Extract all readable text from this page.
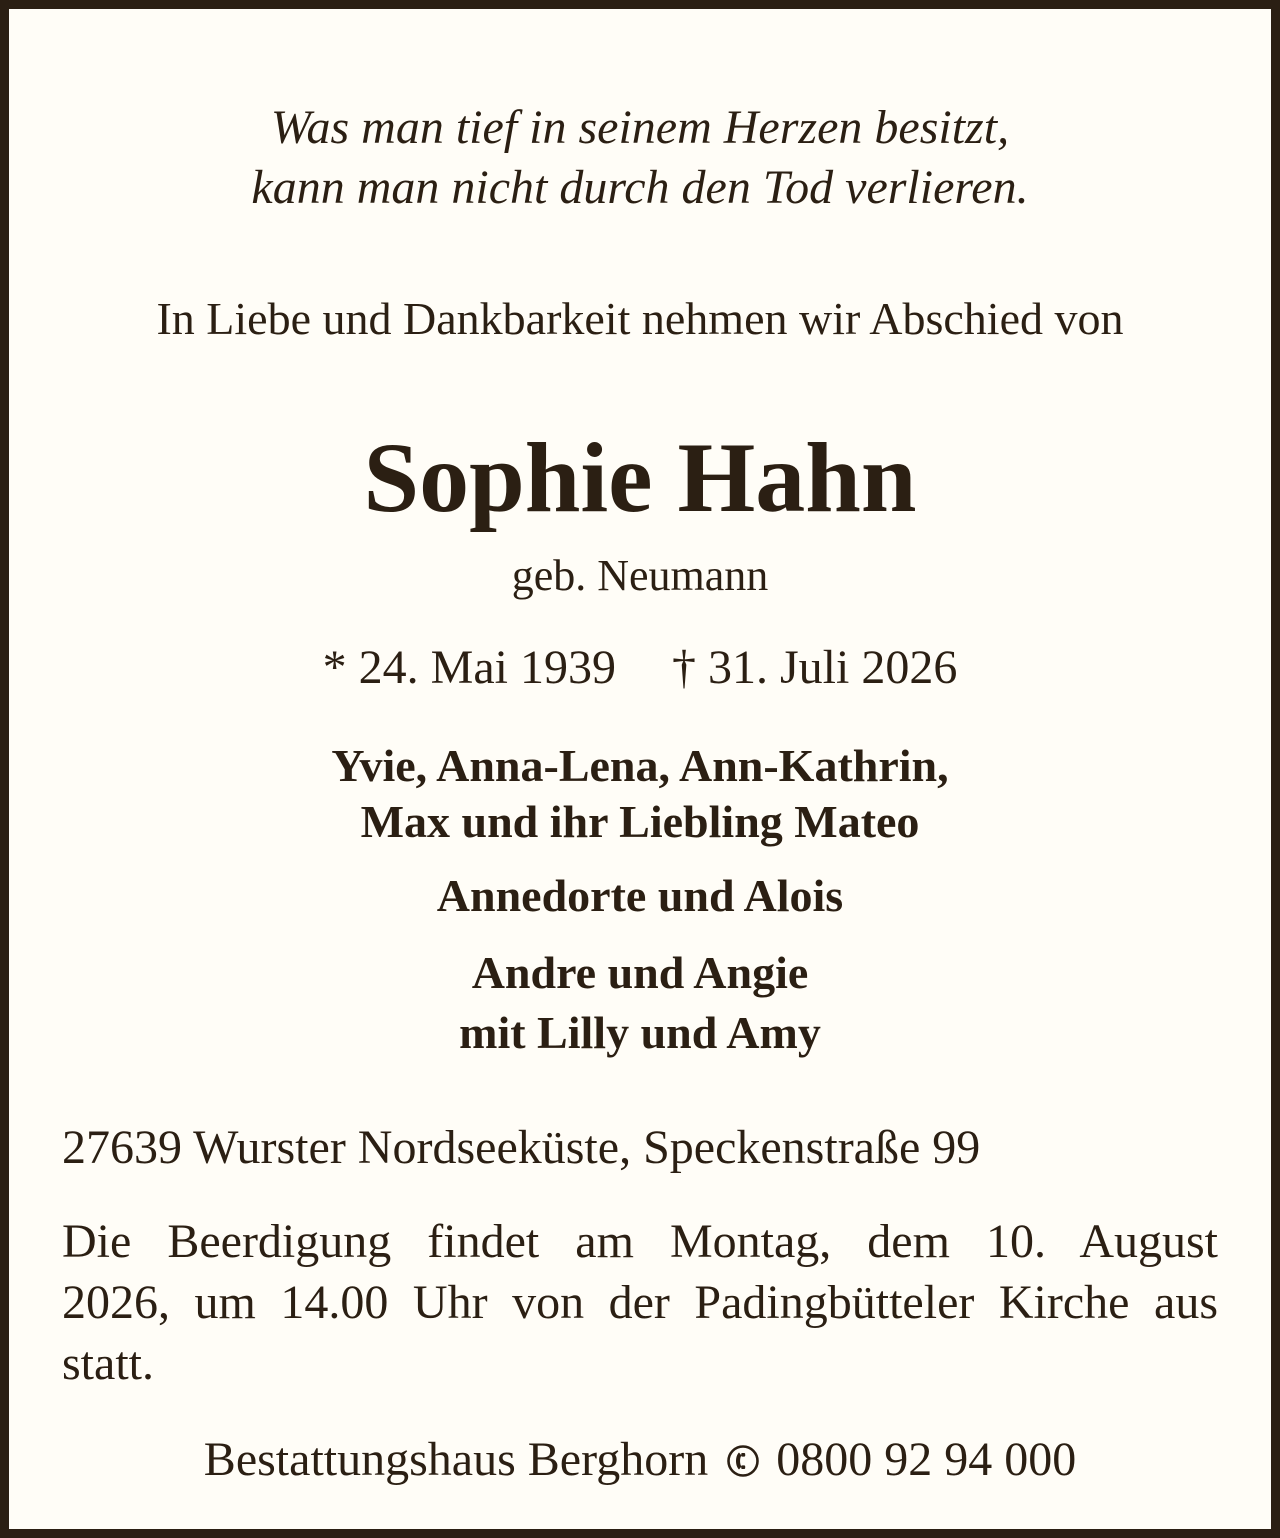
Was man tief in seinem Herzen besitzt,
kann man nicht durch den Tod verlieren.
In Liebe und Dankbarkeit nehmen wir Abschied von
Sophie Hahn
geb. Neumann
* 24. Mai 1939 † 31. Juli 2026
Yvie, Anna-Lena, Ann-Kathrin,
Max und ihr Liebling Mateo
Annedorte und Alois
Andre und Angie
mit Lilly und Amy
27639 Wurster Nordseeküste, Speckenstraße 99
Die Beerdigung findet am Montag, dem 10. August
2026, um 14.00 Uhr von der Padingbütteler Kirche aus
statt.
Bestattungshaus Berghorn 0800 92 94 000
